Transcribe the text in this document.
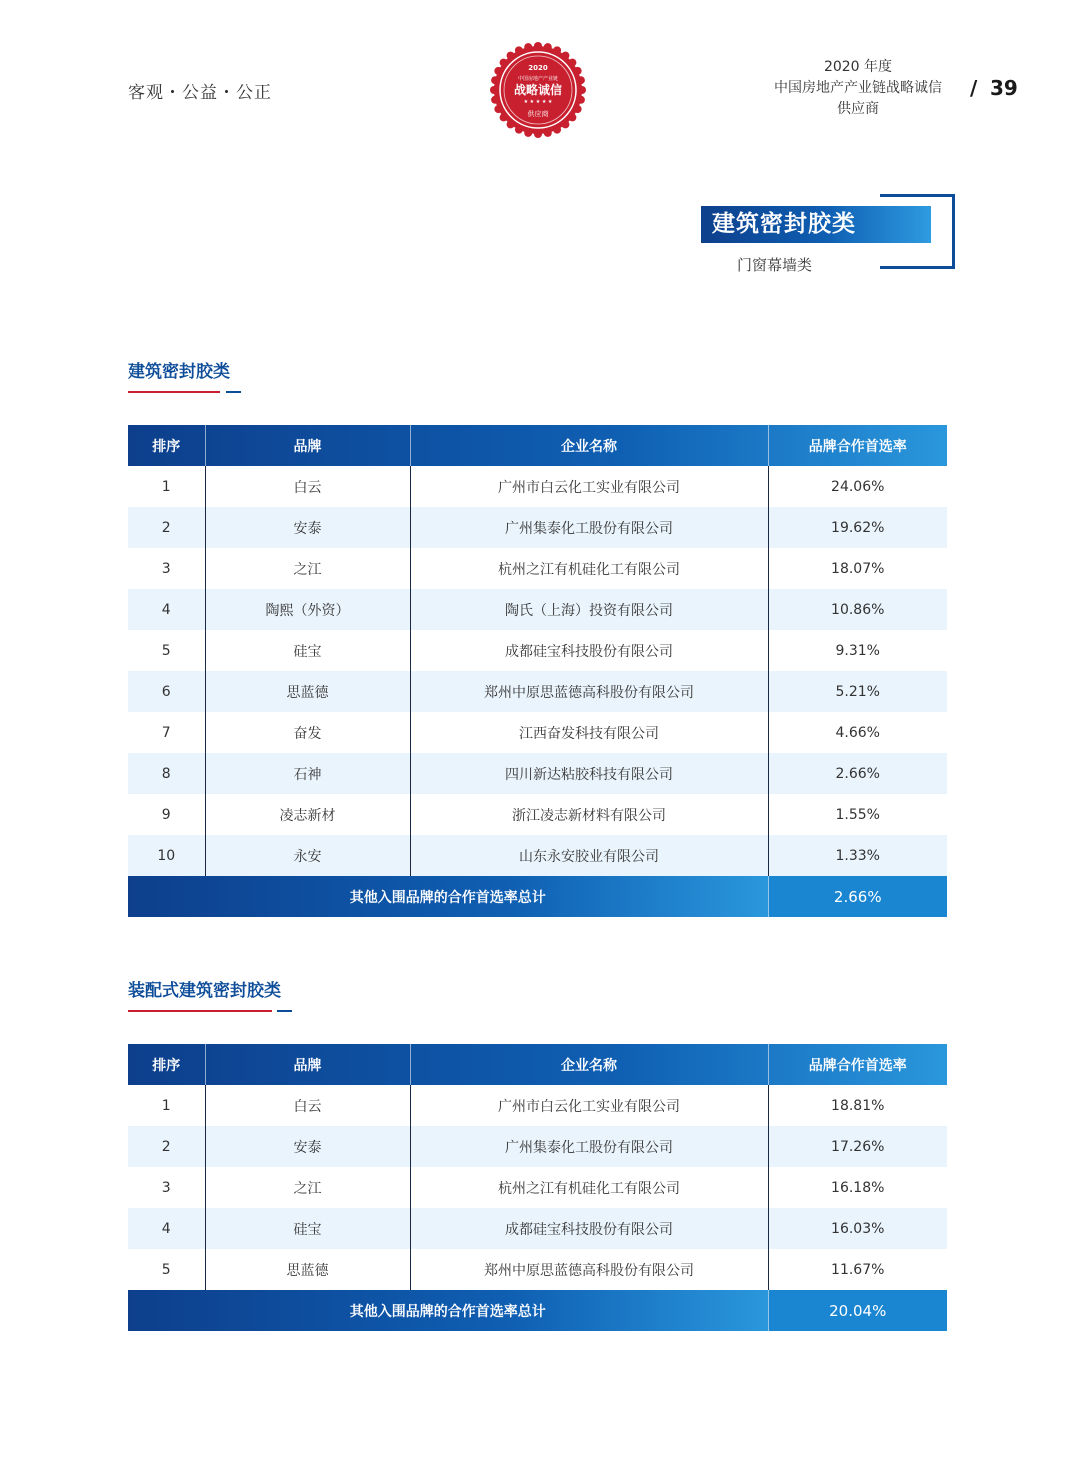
客观・公益・公正
2020
中国房地产产业链
战略诚信
★ ★ ★ ★ ★
供应商
2020 年度
中国房地产产业链战略诚信
供应商
/ 39
建筑密封胶类
门窗幕墙类
建筑密封胶类
排序	品牌	企业名称	品牌合作首选率
1	白云	广州市白云化工实业有限公司	24.06%
2	安泰	广州集泰化工股份有限公司	19.62%
3	之江	杭州之江有机硅化工有限公司	18.07%
4	陶熙（外资）	陶氏（上海）投资有限公司	10.86%
5	硅宝	成都硅宝科技股份有限公司	9.31%
6	思蓝德	郑州中原思蓝德高科股份有限公司	5.21%
7	奋发	江西奋发科技有限公司	4.66%
8	石神	四川新达粘胶科技有限公司	2.66%
9	凌志新材	浙江凌志新材料有限公司	1.55%
10	永安	山东永安胶业有限公司	1.33%
其他入围品牌的合作首选率总计			2.66%
装配式建筑密封胶类
排序	品牌	企业名称	品牌合作首选率
1	白云	广州市白云化工实业有限公司	18.81%
2	安泰	广州集泰化工股份有限公司	17.26%
3	之江	杭州之江有机硅化工有限公司	16.18%
4	硅宝	成都硅宝科技股份有限公司	16.03%
5	思蓝德	郑州中原思蓝德高科股份有限公司	11.67%
其他入围品牌的合作首选率总计			20.04%
